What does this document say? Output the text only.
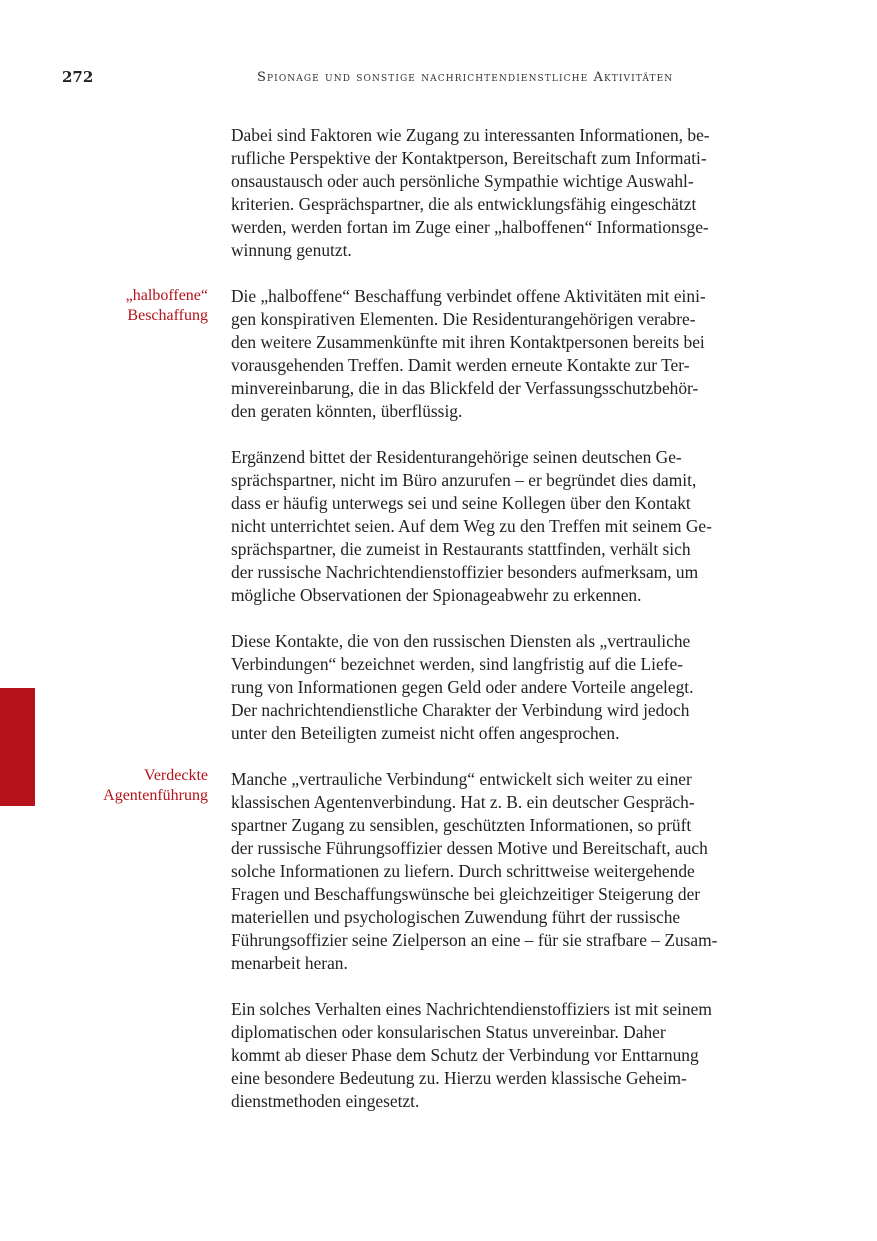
272	Spionage und sonstige nachrichtendienstliche Aktivitäten
„halboffene“
Beschaffung
Verdeckte
Agentenführung

Dabei sind Faktoren wie Zugang zu interessanten Informationen, be-
rufliche Perspektive der Kontaktperson, Bereitschaft zum Informati-
onsaustausch oder auch persönliche Sympathie wichtige Auswahl-
kriterien. Gesprächspartner, die als entwicklungsfähig eingeschätzt
werden, werden fortan im Zuge einer „halboffenen“ Informationsge-
winnung genutzt.

Die „halboffene“ Beschaffung verbindet offene Aktivitäten mit eini-
gen konspirativen Elementen. Die Residenturangehörigen verabre-
den weitere Zusammenkünfte mit ihren Kontaktpersonen bereits bei
vorausgehenden Treffen. Damit werden erneute Kontakte zur Ter-
minvereinbarung, die in das Blickfeld der Verfassungsschutzbehör-
den geraten könnten, überflüssig.

Ergänzend bittet der Residenturangehörige seinen deutschen Ge-
sprächspartner, nicht im Büro anzurufen – er begründet dies damit,
dass er häufig unterwegs sei und seine Kollegen über den Kontakt
nicht unterrichtet seien. Auf dem Weg zu den Treffen mit seinem Ge-
sprächspartner, die zumeist in Restaurants stattfinden, verhält sich
der russische Nachrichtendienstoffizier besonders aufmerksam, um
mögliche Observationen der Spionageabwehr zu erkennen.

Diese Kontakte, die von den russischen Diensten als „vertrauliche
Verbindungen“ bezeichnet werden, sind langfristig auf die Liefe-
rung von Informationen gegen Geld oder andere Vorteile angelegt.
Der nachrichtendienstliche Charakter der Verbindung wird jedoch
unter den Beteiligten zumeist nicht offen angesprochen.

Manche „vertrauliche Verbindung“ entwickelt sich weiter zu einer
klassischen Agentenverbindung. Hat z. B. ein deutscher Gespräch-
spartner Zugang zu sensiblen, geschützten Informationen, so prüft
der russische Führungsoffizier dessen Motive und Bereitschaft, auch
solche Informationen zu liefern. Durch schrittweise weitergehende
Fragen und Beschaffungswünsche bei gleichzeitiger Steigerung der
materiellen und psychologischen Zuwendung führt der russische
Führungsoffizier seine Zielperson an eine – für sie strafbare – Zusam-
menarbeit heran.

Ein solches Verhalten eines Nachrichtendienstoffiziers ist mit seinem
diplomatischen oder konsularischen Status unvereinbar. Daher
kommt ab dieser Phase dem Schutz der Verbindung vor Enttarnung
eine besondere Bedeutung zu. Hierzu werden klassische Geheim-
dienstmethoden eingesetzt.
